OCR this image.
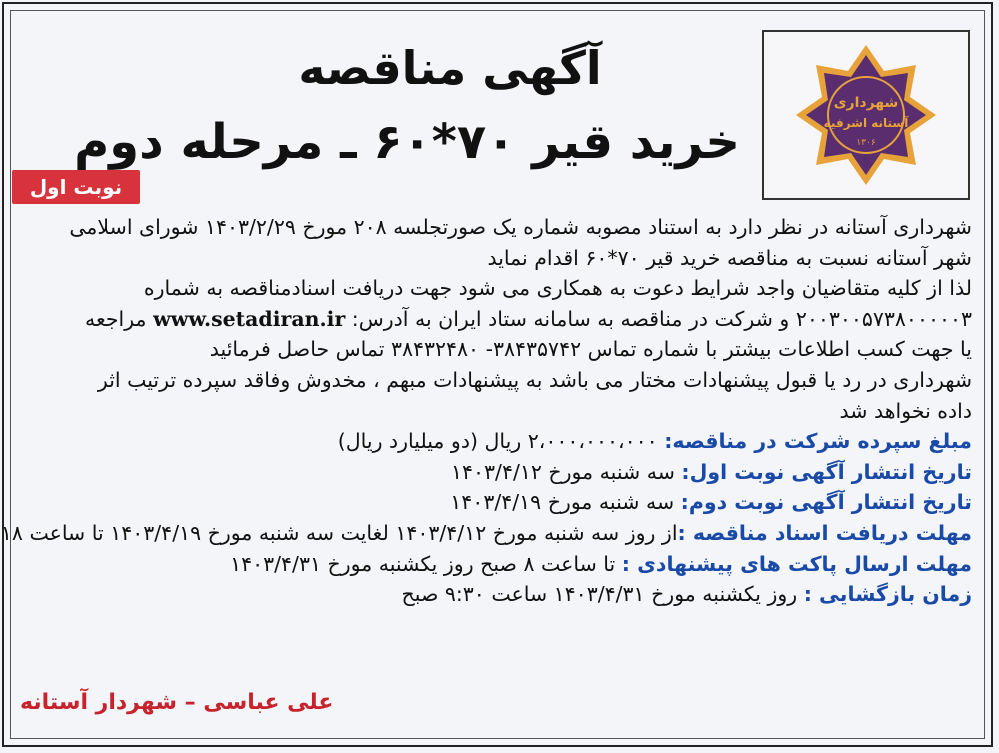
شهرداری
آستانه اشرفیه
۱۳۰۶
آگهی مناقصه
خرید قیر ۷۰*۶۰ ـ مرحله دوم
نوبت اول

شهرداری آستانه در نظر دارد به استناد مصوبه شماره یک صورتجلسه ۲۰۸ مورخ ۱۴۰۳/۲/۲۹ شورای اسلامی

شهر آستانه نسبت به مناقصه خرید قیر ۷۰*۶۰ اقدام نماید

لذا از کلیه متقاضیان واجد شرایط دعوت به همکاری می شود جهت دریافت اسنادمناقصه به شماره

۲۰۰۳۰۰۵۷۳۸۰۰۰۰۰۳ و شرکت در مناقصه به سامانه ستاد ایران به آدرس: www.setadiran.ir مراجعه

یا جهت کسب اطلاعات بیشتر با شماره تماس ۳۸۴۳۵۷۴۲- ۳۸۴۳۲۴۸۰ تماس حاصل فرمائید

شهرداری در رد یا قبول پیشنهادات مختار می باشد به پیشنهادات مبهم ، مخدوش وفاقد سپرده ترتیب اثر

داده نخواهد شد

مبلغ سپرده شرکت در مناقصه: ۲،۰۰۰،۰۰۰،۰۰۰ ریال (دو میلیارد ریال)

تاریخ انتشار آگهی نوبت اول: سه شنبه مورخ ۱۴۰۳/۴/۱۲

تاریخ انتشار آگهی نوبت دوم: سه شنبه مورخ ۱۴۰۳/۴/۱۹

مهلت دریافت اسناد مناقصه :از روز سه شنبه مورخ ۱۴۰۳/۴/۱۲ لغایت سه شنبه مورخ ۱۴۰۳/۴/۱۹ تا ساعت ۱۸

مهلت ارسال پاکت های پیشنهادی : تا ساعت ۸ صبح روز یکشنبه مورخ ۱۴۰۳/۴/۳۱

زمان بازگشایی : روز یکشنبه مورخ ۱۴۰۳/۴/۳۱ ساعت ۹:۳۰ صبح

علی عباسی – شهردار آستانه
